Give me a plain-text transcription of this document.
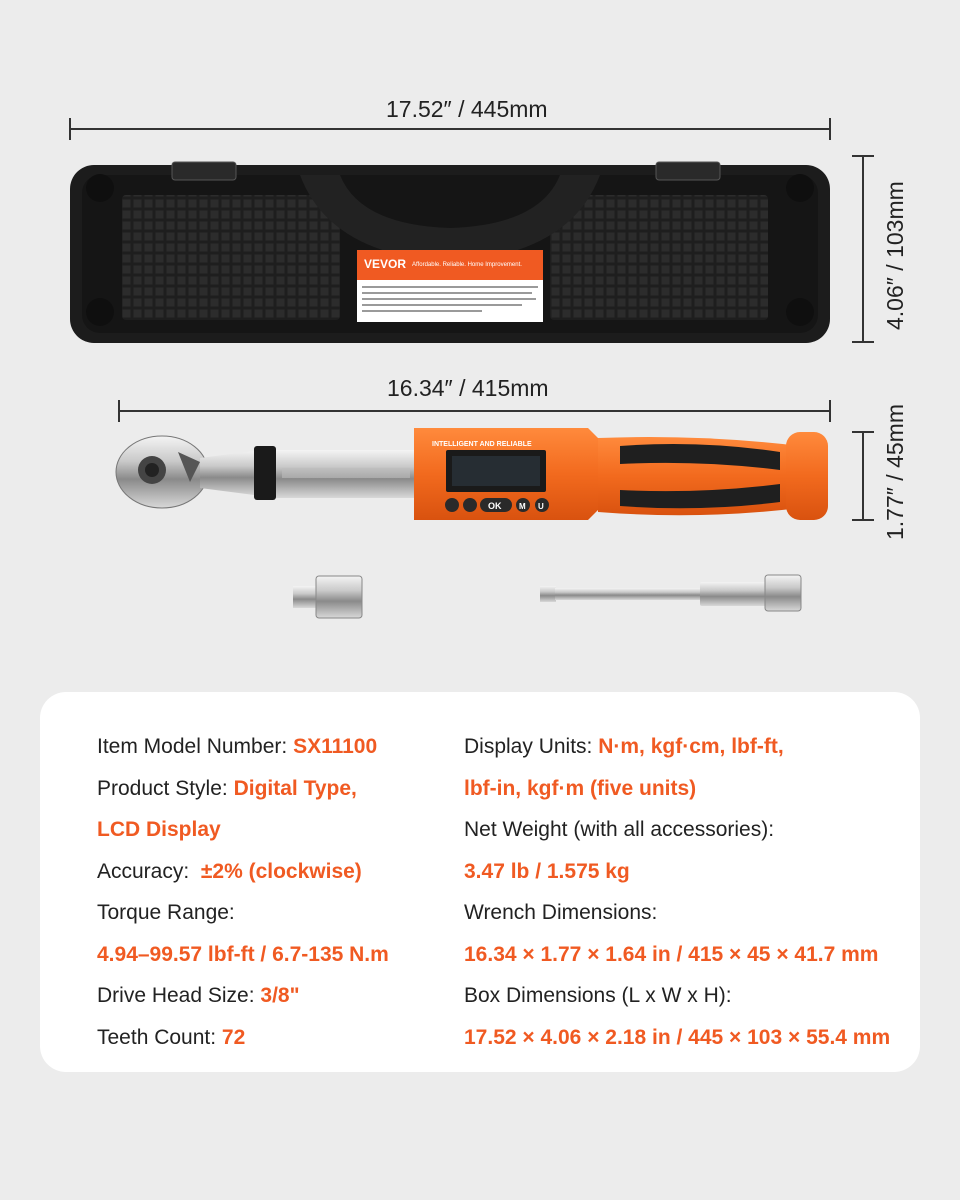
17.52″ / 445mm
4.06″ / 103mm
16.34″ / 415mm
1.77″ / 45mm
VEVOR Affordable. Reliable. Home Improvement.
INTELLIGENT AND RELIABLE
OK M U
Item Model Number: SX11100
Product Style: Digital Type,
LCD Display
Accuracy:  ±2% (clockwise)
Torque Range:
4.94–99.57 lbf-ft / 6.7-135 N.m
Drive Head Size: 3/8"
Teeth Count: 72
Display Units: N·m, kgf·cm, lbf-ft,
lbf-in, kgf·m (five units)
Net Weight (with all accessories):
3.47 lb / 1.575 kg
Wrench Dimensions:
16.34 × 1.77 × 1.64 in / 415 × 45 × 41.7 mm
Box Dimensions (L x W x H):
17.52 × 4.06 × 2.18 in / 445 × 103 × 55.4 mm
